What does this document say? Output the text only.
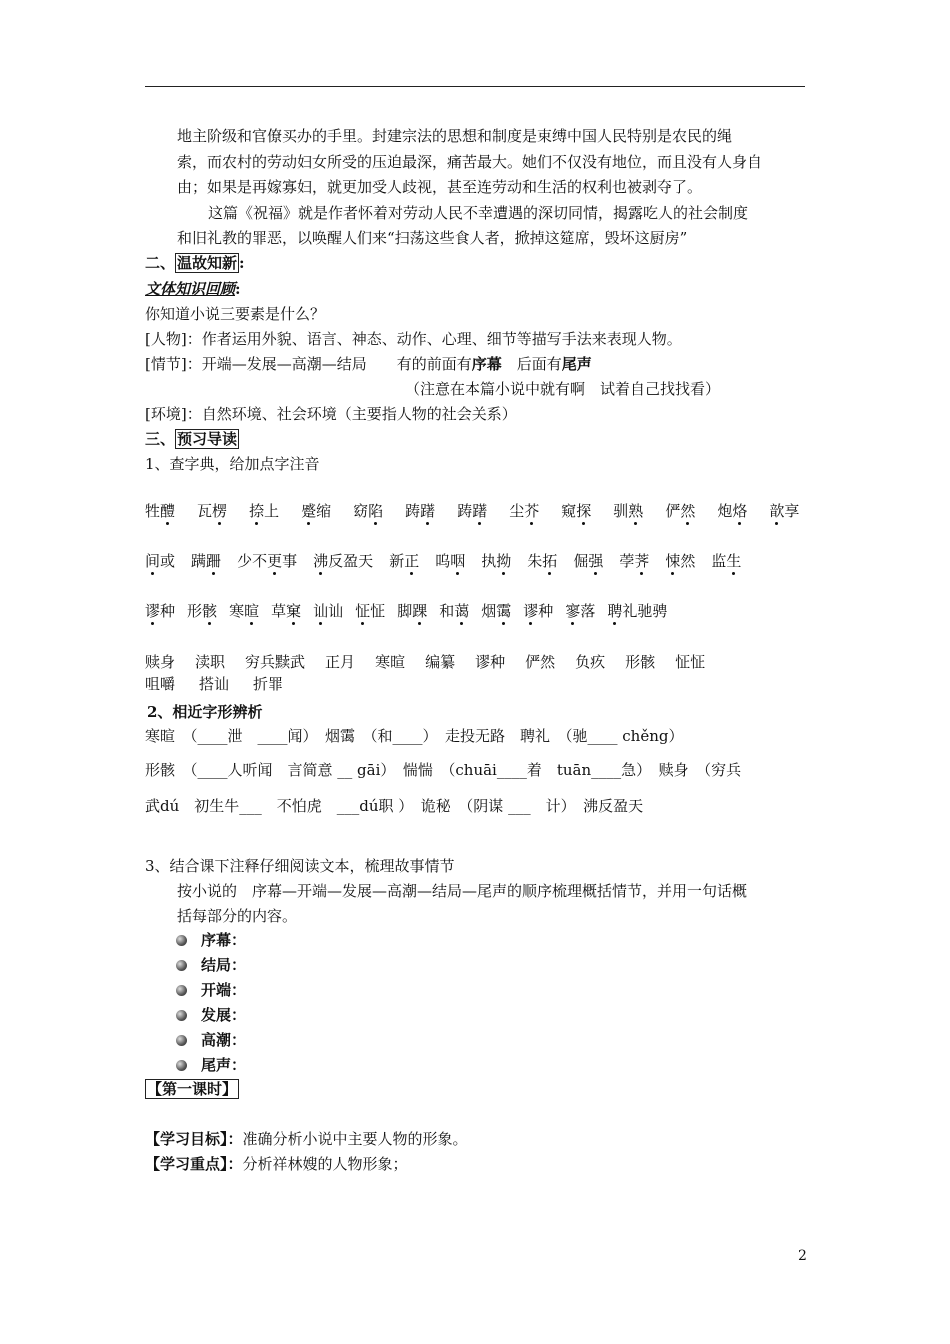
地主阶级和官僚买办的手里。封建宗法的思想和制度是束缚中国人民特别是农民的绳
索，而农村的劳动妇女所受的压迫最深，痛苦最大。她们不仅没有地位，而且没有人身自
由；如果是再嫁寡妇，就更加受人歧视，甚至连劳动和生活的权利也被剥夺了。
这篇《祝福》就是作者怀着对劳动人民不幸遭遇的深切同情，揭露吃人的社会制度
和旧礼教的罪恶，以唤醒人们来“扫荡这些食人者，掀掉这筵席，毁坏这厨房”
二、 温故知新 :
文体知识回顾:
你知道小说三要素是什么？
[人物]：作者运用外貌、语言、神态、动作、心理、细节等描写手法来表现人物。
[情节]：开端—发展—高潮—结局　　有的前面有序幕　后面有尾声
（注意在本篇小说中就有啊　试着自己找找看）
[环境]：自然环境、社会环境（主要指人物的社会关系）
三、 预习导读
1、查字典，给加点字注音
牲醴 瓦楞 捺上 蹙缩 窈陷 踌躇 踌躇 尘芥 窥探 驯熟 俨然 炮烙 歆享
间或 蹒跚 少不更事 沸反盈天 新正 呜咽 执拗 朱拓 倔强 荸荠 悚然 监生
谬种 形骸 寒暄 草窠 讪讪 怔怔 脚踝 和蔼 烟霭 谬种 寥落 聘礼驰骋
赎身 渎职 穷兵黩武 正月 寒暄 编纂 谬种 俨然 负疚 形骸 怔怔
咀嚼 搭讪 折罪
2、相近字形辨析
寒暄　（____泄　____闻）　烟霭　（和____）　走投无路　聘礼　（驰____ chěng）
形骸　（____人听闻　言简意 __ gāi）　惴惴　（chuāi____着　tuān____急）　赎身　（穷兵
武dú　初生牛___　不怕虎　___dú职 ）　诡秘　（阴谋 ___　计）　沸反盈天
3、结合课下注释仔细阅读文本，梳理故事情节
按小说的　序幕—开端—发展—高潮—结局—尾声的顺序梳理概括情节，并用一句话概
括每部分的内容。
序幕：
结局：
开端：
发展：
高潮：
尾声：
【第一课时】
【学习目标】：准确分析小说中主要人物的形象。
【学习重点】：分析祥林嫂的人物形象；
2
